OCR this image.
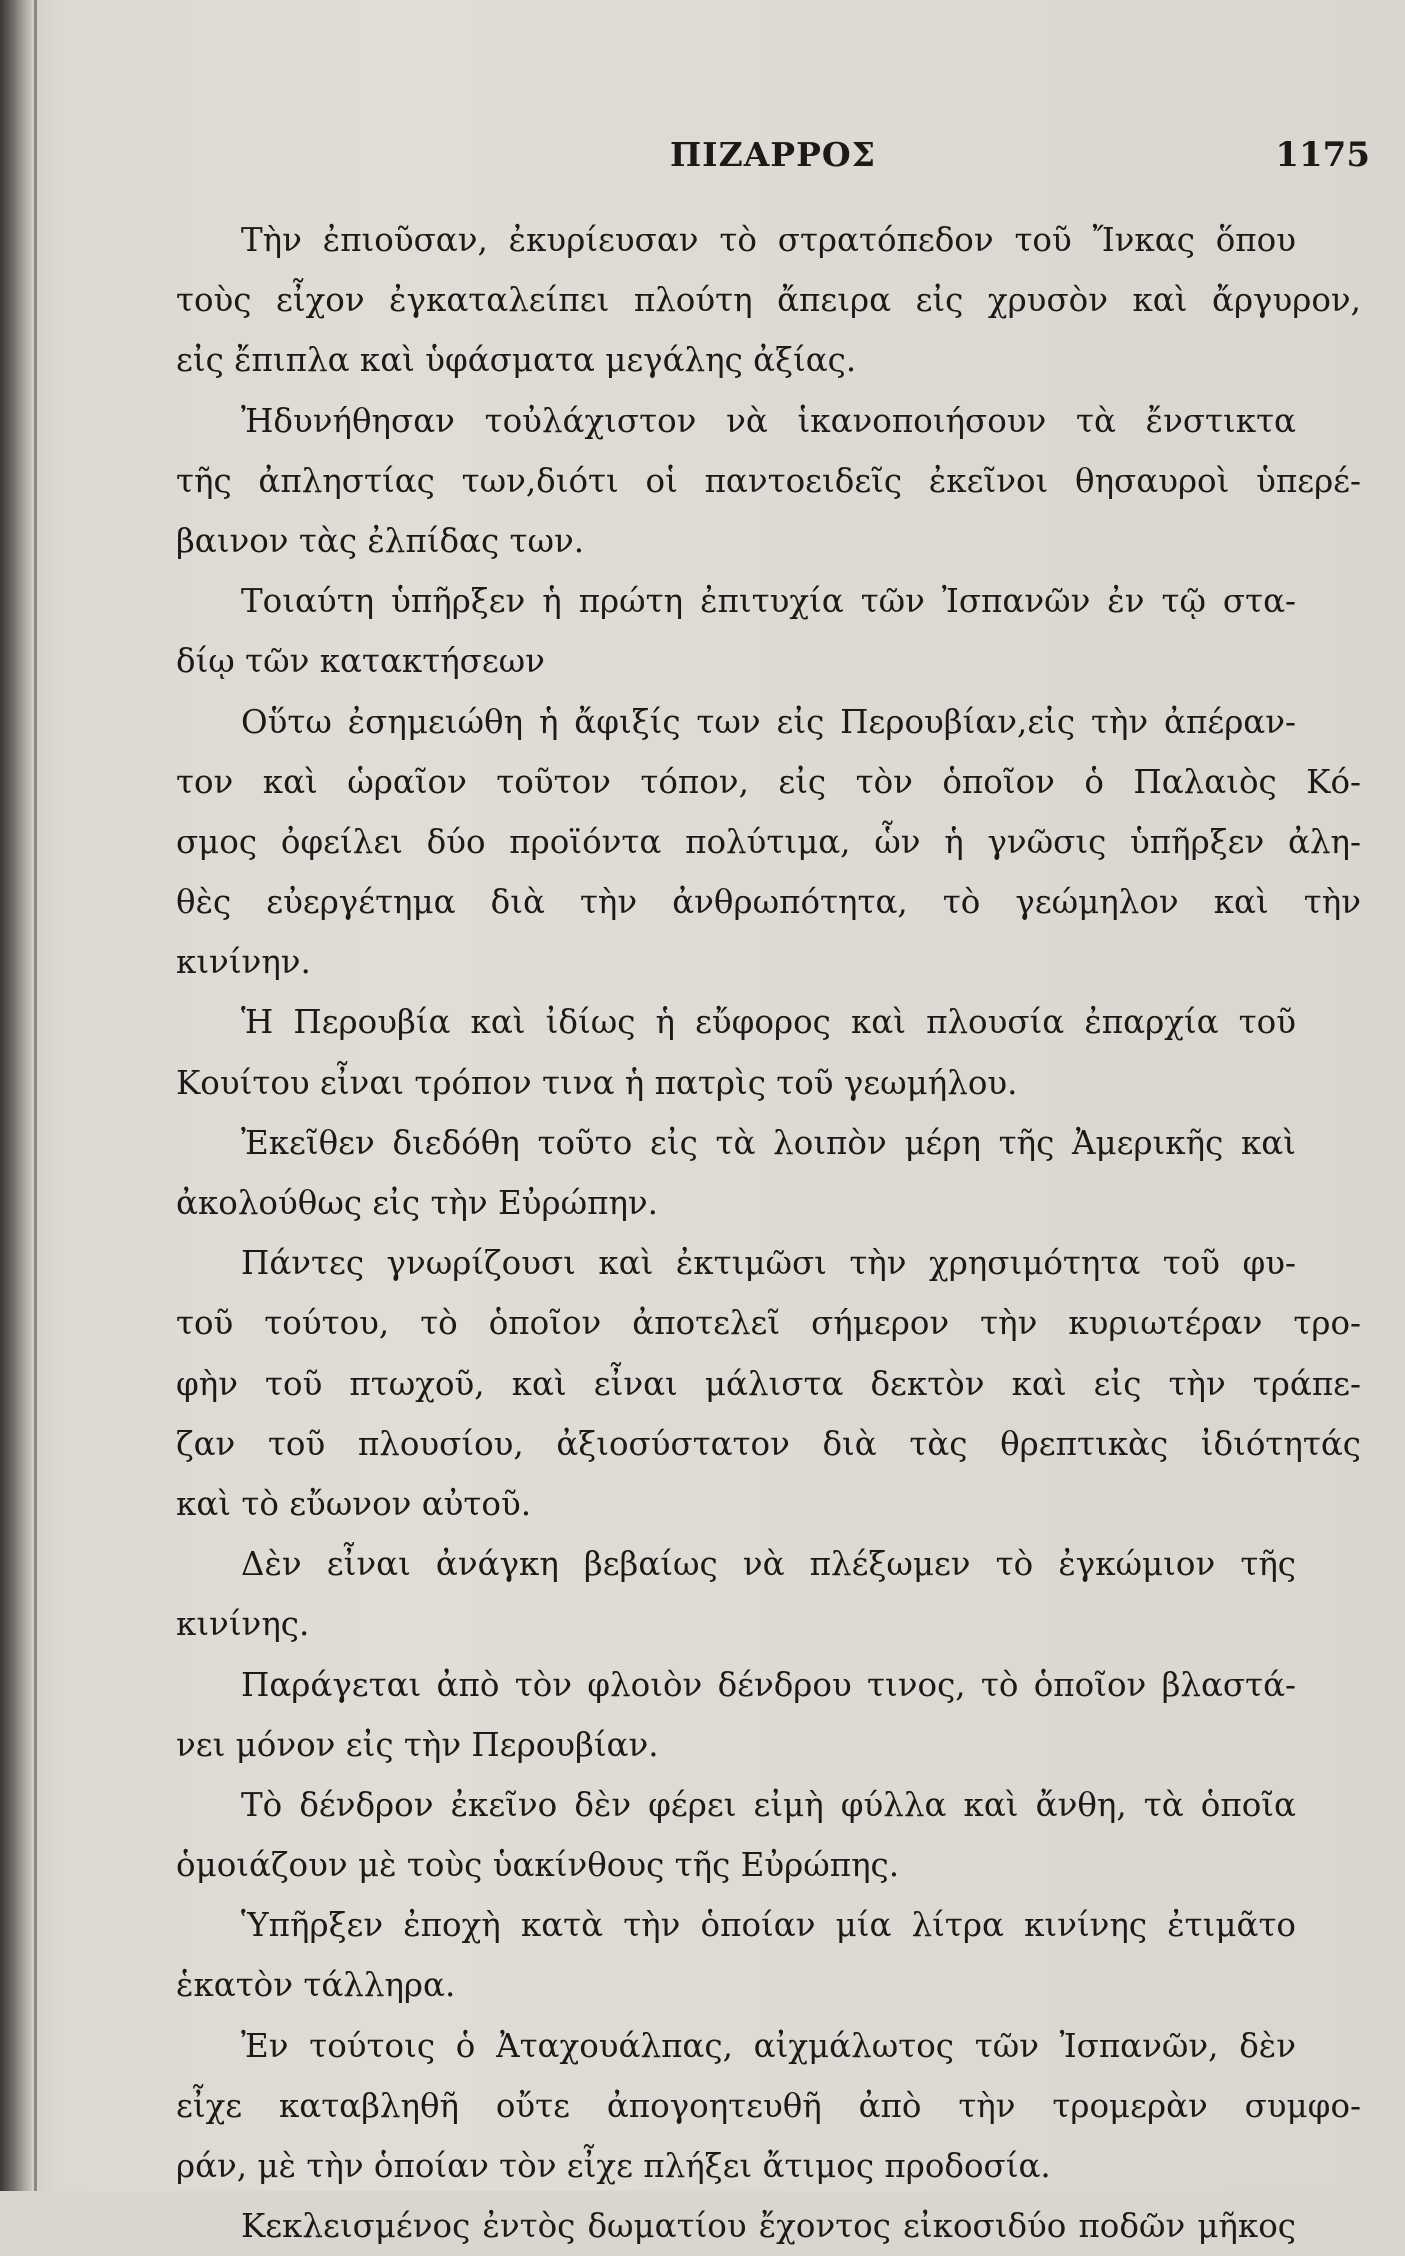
ΠΙΖΑΡΡΟΣ	1175
Τὴν ἐπιοῦσαν, ἐκυρίευσαν τὸ στρατόπεδον τοῦ Ἴνκας ὅπου
τοὺς εἶχον ἐγκαταλείπει πλούτη ἄπειρα εἰς χρυσὸν καὶ ἄργυρον,
εἰς ἔπιπλα καὶ ὑφάσματα μεγάλης ἀξίας.
Ἠδυνήθησαν τοὐλάχιστον νὰ ἱκανοποιήσουν τὰ ἔνστικτα
τῆς ἀπληστίας των,διότι οἱ παντοειδεῖς ἐκεῖνοι θησαυροὶ ὑπερέ-
βαινον τὰς ἐλπίδας των.
Τοιαύτη ὑπῆρξεν ἡ πρώτη ἐπιτυχία τῶν Ἰσπανῶν ἐν τῷ στα-
δίῳ τῶν κατακτήσεων
Οὕτω ἐσημειώθη ἡ ἄφιξίς των εἰς Περουβίαν,εἰς τὴν ἀπέραν-
τον καὶ ὡραῖον τοῦτον τόπον, εἰς τὸν ὁποῖον ὁ Παλαιὸς Κό-
σμος ὀφείλει δύο προϊόντα πολύτιμα, ὧν ἡ γνῶσις ὑπῆρξεν ἀλη-
θὲς εὐεργέτημα διὰ τὴν ἀνθρωπότητα, τὸ γεώμηλον καὶ τὴν
κινίνην.
Ἡ Περουβία καὶ ἰδίως ἡ εὔφορος καὶ πλουσία ἐπαρχία τοῦ
Κουίτου εἶναι τρόπον τινα ἡ πατρὶς τοῦ γεωμήλου.
Ἐκεῖθεν διεδόθη τοῦτο εἰς τὰ λοιπὸν μέρη τῆς Ἀμερικῆς καὶ
ἀκολούθως εἰς τὴν Εὐρώπην.
Πάντες γνωρίζουσι καὶ ἐκτιμῶσι τὴν χρησιμότητα τοῦ φυ-
τοῦ τούτου, τὸ ὁποῖον ἀποτελεῖ σήμερον τὴν κυριωτέραν τρο-
φὴν τοῦ πτωχοῦ, καὶ εἶναι μάλιστα δεκτὸν καὶ εἰς τὴν τράπε-
ζαν τοῦ πλουσίου, ἀξιοσύστατον διὰ τὰς θρεπτικὰς ἰδιότητάς
καὶ τὸ εὔωνον αὐτοῦ.
Δὲν εἶναι ἀνάγκη βεβαίως νὰ πλέξωμεν τὸ ἐγκώμιον τῆς
κινίνης.
Παράγεται ἀπὸ τὸν φλοιὸν δένδρου τινος, τὸ ὁποῖον βλαστά-
νει μόνον εἰς τὴν Περουβίαν.
Τὸ δένδρον ἐκεῖνο δὲν φέρει εἰμὴ φύλλα καὶ ἄνθη, τὰ ὁποῖα
ὁμοιάζουν μὲ τοὺς ὑακίνθους τῆς Εὐρώπης.
Ὑπῆρξεν ἐποχὴ κατὰ τὴν ὁποίαν μία λίτρα κινίνης ἐτιμᾶτο
ἑκατὸν τάλληρα.
Ἐν τούτοις ὁ Ἀταχουάλπας, αἰχμάλωτος τῶν Ἰσπανῶν, δὲν
εἶχε καταβληθῆ οὔτε ἀπογοητευθῆ ἀπὸ τὴν τρομερὰν συμφο-
ράν, μὲ τὴν ὁποίαν τὸν εἶχε πλήξει ἄτιμος προδοσία.
Κεκλεισμένος ἐντὸς δωματίου ἔχοντος εἰκοσιδύο ποδῶν μῆκος
